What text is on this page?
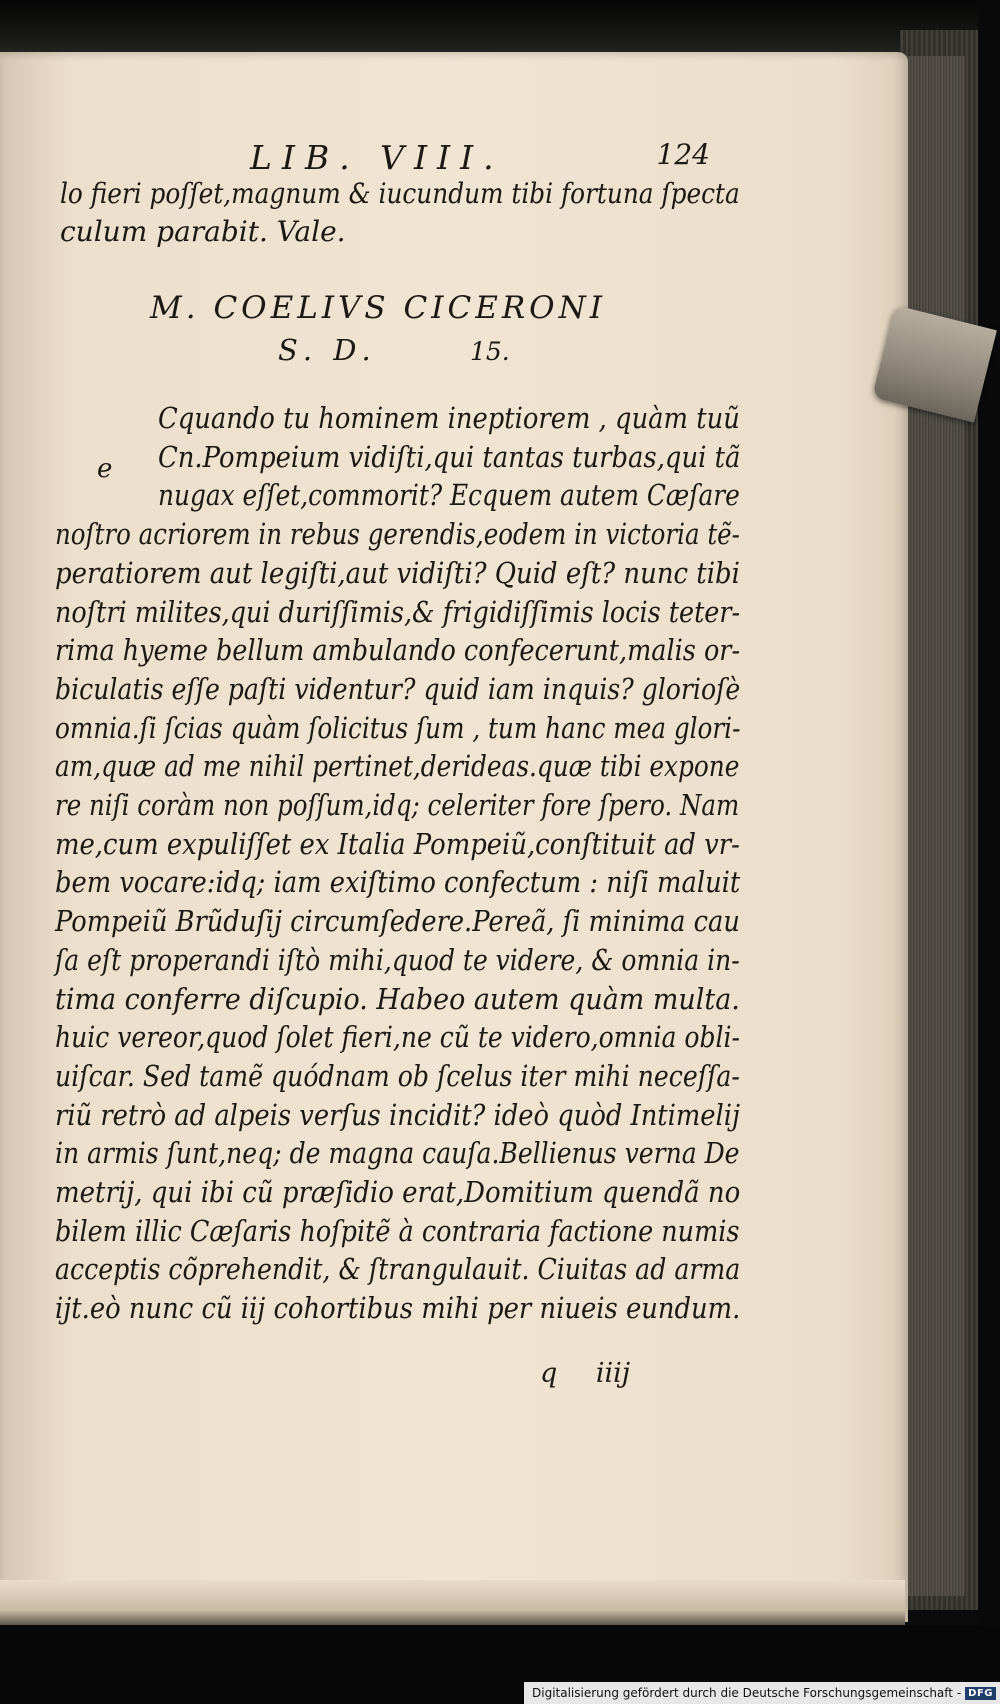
LIB. VIII.	124
lo fieri poſſet,magnum & iucundum tibi fortuna ſpecta
culum parabit. Vale.
M. COELIVS CICERONI
S. D.	15.
e
Cquando tu hominem ineptiorem , quàm tuũ
Cn.Pompeium vidiſti,qui tantas turbas,qui tã
nugax eſſet,commorit? Ecquem autem Cæſare
noſtro acriorem in rebus gerendis,eodem in victoria tẽ-
peratiorem aut legiſti,aut vidiſti? Quid eſt? nunc tibi
noſtri milites,qui duriſſimis,& frigidiſſimis locis teter-
rima hyeme bellum ambulando confecerunt,malis or-
biculatis eſſe paſti videntur? quid iam inquis? glorioſè
omnia.ſi ſcias quàm ſolicitus ſum , tum hanc mea glori-
am,quæ ad me nihil pertinet,derideas.quæ tibi expone
re niſi coràm non poſſum,idq; celeriter fore ſpero. Nam
me,cum expuliſſet ex Italia Pompeiũ,conſtituit ad vr-
bem vocare:idq; iam exiſtimo confectum : niſi maluit
Pompeiũ Brũduſij circumſedere.Pereã, ſi minima cau
ſa eſt properandi iſtò mihi,quod te videre, & omnia in-
tima conferre diſcupio. Habeo autem quàm multa.
huic vereor,quod ſolet fieri,ne cũ te videro,omnia obli-
uiſcar. Sed tamẽ quódnam ob ſcelus iter mihi neceſſa-
riũ retrò ad alpeis verſus incidit? ideò quòd Intimelij
in armis ſunt,neq; de magna cauſa.Bellienus verna De
metrij, qui ibi cũ præſidio erat,Domitium quendã no
bilem illic Cæſaris hoſpitẽ à contraria factione numis
acceptis cõprehendit, & ſtrangulauit. Ciuitas ad arma
ijt.eò nunc cũ iij cohortibus mihi per niueis eundum.
q iiij
Digitalisierung gefördert durch die Deutsche Forschungsgemeinschaft - DFG
